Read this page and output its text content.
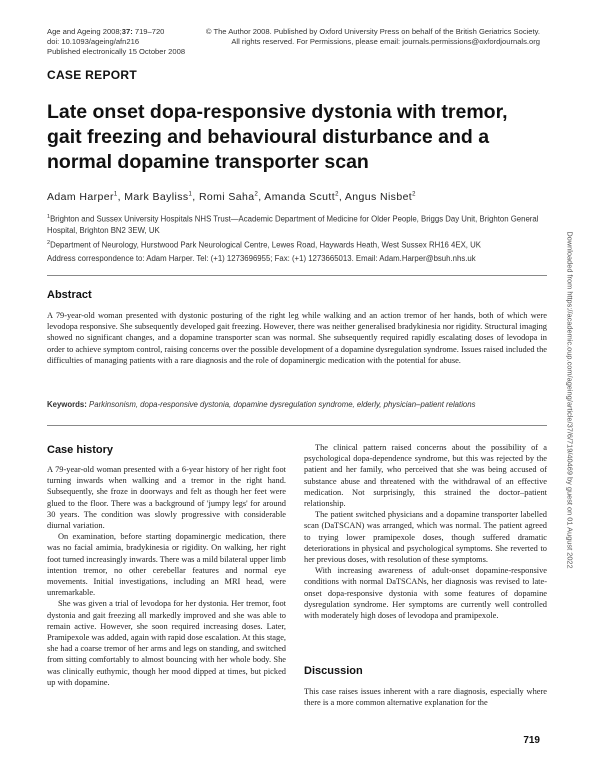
Age and Ageing 2008;37: 719–720
doi: 10.1093/ageing/afn216
Published electronically 15 October 2008
© The Author 2008. Published by Oxford University Press on behalf of the British Geriatrics Society.
All rights reserved. For Permissions, please email: journals.permissions@oxfordjournals.org
CASE REPORT
Late onset dopa-responsive dystonia with tremor, gait freezing and behavioural disturbance and a normal dopamine transporter scan
Adam Harper$^1$, Mark Bayliss$^1$, Romi Saha$^2$, Amanda Scutt$^2$, Angus Nisbet$^2$

$^1$Brighton and Sussex University Hospitals NHS Trust—Academic Department of Medicine for Older People, Briggs Day Unit, Brighton General Hospital, Brighton BN2 3EW, UK

$^2$Department of Neurology, Hurstwood Park Neurological Centre, Lewes Road, Haywards Heath, West Sussex RH16 4EX, UK

Address correspondence to: Adam Harper. Tel: (+1) 1273696955; Fax: (+1) 1273665013. Email: Adam.Harper@bsuh.nhs.uk
Abstract
A 79-year-old woman presented with dystonic posturing of the right leg while walking and an action tremor of her hands, both of which were levodopa responsive. She subsequently developed gait freezing. However, there was neither generalised bradykinesia nor rigidity. Structural imaging showed no significant changes, and a dopamine transporter scan was normal. She subsequently required rapidly escalating doses of levodopa in order to achieve symptom control, raising concerns over the possible development of a dopamine dysregulation syndrome. Issues raised included the difficulties of managing patients with a rare diagnosis and the role of dopaminergic medication with the potential for abuse.
Keywords: Parkinsonism, dopa-responsive dystonia, dopamine dysregulation syndrome, elderly, physician–patient relations
Case history

A 79-year-old woman presented with a 6-year history of her right foot turning inwards when walking and a tremor in the right hand. Subsequently, she froze in doorways and felt as though her feet were glued to the floor. There was a background of 'jumpy legs' for around 30 years. The condition was slowly progressive with considerable diurnal variation.

On examination, before starting dopaminergic medication, there was no facial amimia, bradykinesia or rigidity. On walking, her right foot turned increasingly inwards. There was a mild bilateral upper limb intention tremor, no other cerebellar features and normal eye movements. Initial investigations, including an MRI head, were unremarkable.

She was given a trial of levodopa for her dystonia. Her tremor, foot dystonia and gait freezing all markedly improved and she was able to remain active. However, she soon required increasing doses. Later, Pramipexole was added, again with rapid dose escalation. At this stage, she had a coarse tremor of her arms and legs on standing, and switched from sitting comfortably to almost bouncing with her whole body. She was clinically euthymic, though her mood dipped at times, but picked up with dopamine.

The clinical pattern raised concerns about the possibility of a psychological dopa-dependence syndrome, but this was rejected by the patient and her family, who perceived that she was being accused of substance abuse and threatened with the withdrawal of an effective medication. Not surprisingly, this strained the doctor–patient relationship.

The patient switched physicians and a dopamine transporter labelled scan (DaTSCAN) was arranged, which was normal. The patient agreed to trying lower pramipexole doses, though suffered dramatic deteriorations in physical and psychological symptoms. She reverted to her previous doses, with resolution of these symptoms.

With increasing awareness of adult-onset dopamine-responsive conditions with normal DaTSCANs, her diagnosis was revised to late-onset dopa-responsive dystonia with some features of dopamine dysregulation syndrome. Her symptoms are currently well controlled with moderately high doses of levodopa and pramipexole.

Discussion

This case raises issues inherent with a rare diagnosis, especially where there is a more common alternative explanation for the

719
Downloaded from https://academic.oup.com/ageing/article/37/6/719/40469 by guest on 01 August 2022
